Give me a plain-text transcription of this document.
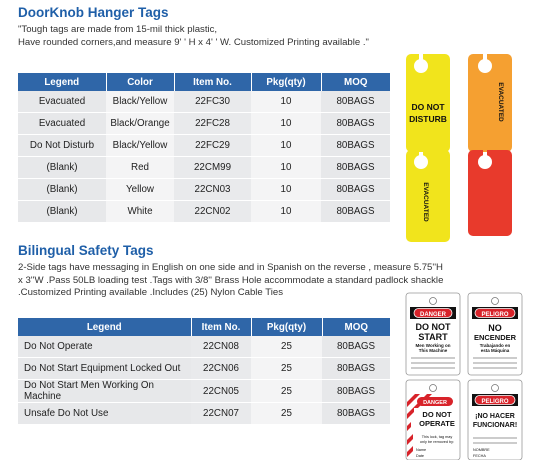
DoorKnob Hanger Tags
"Tough tags are made from 15-mil thick plastic,
Have rounded corners,and measure 9' ' H x 4' ' W. Customized Printing available ."
Legend	Color	Item No.	Pkg(qty)	MOQ
Evacuated	Black/Yellow	22FC30	10	80BAGS
Evacuated	Black/Orange	22FC28	10	80BAGS
Do Not Disturb	Black/Yellow	22FC29	10	80BAGS
(Blank)	Red	22CM99	10	80BAGS
(Blank)	Yellow	22CN03	10	80BAGS
(Blank)	White	22CN02	10	80BAGS
DO NOT
DISTURB	EVACUATED
EVACUATED
Bilingual Safety Tags
2-Side tags have messaging in English on one side and in Spanish on the reverse , measure 5.75''H
x 3''W .Pass 50LB loading test .Tags with 3/8'' Brass Hole accommodate a standard padlock shackle
.Customized Printing available .Includes (25) Nylon Cable Ties
Legend	Item No.	Pkg(qty)	MOQ
Do Not Operate	22CN08	25	80BAGS
Do Not Start Equipment Locked Out	22CN06	25	80BAGS
Do Not Start Men Working On Machine	22CN05	25	80BAGS
Unsafe Do Not Use	22CN07	25	80BAGS
DANGER
DO NOT
START
Men Working on
This Machine
PELIGRO
NO
ENCENDER
Trabajando en
esta Máquina
DANGER
DO NOT
OPERATE
This lock, tag may
only be removed by:
Name
Date
PELIGRO
¡NO HACER
FUNCIONAR!
NOMBRE
FECHA
